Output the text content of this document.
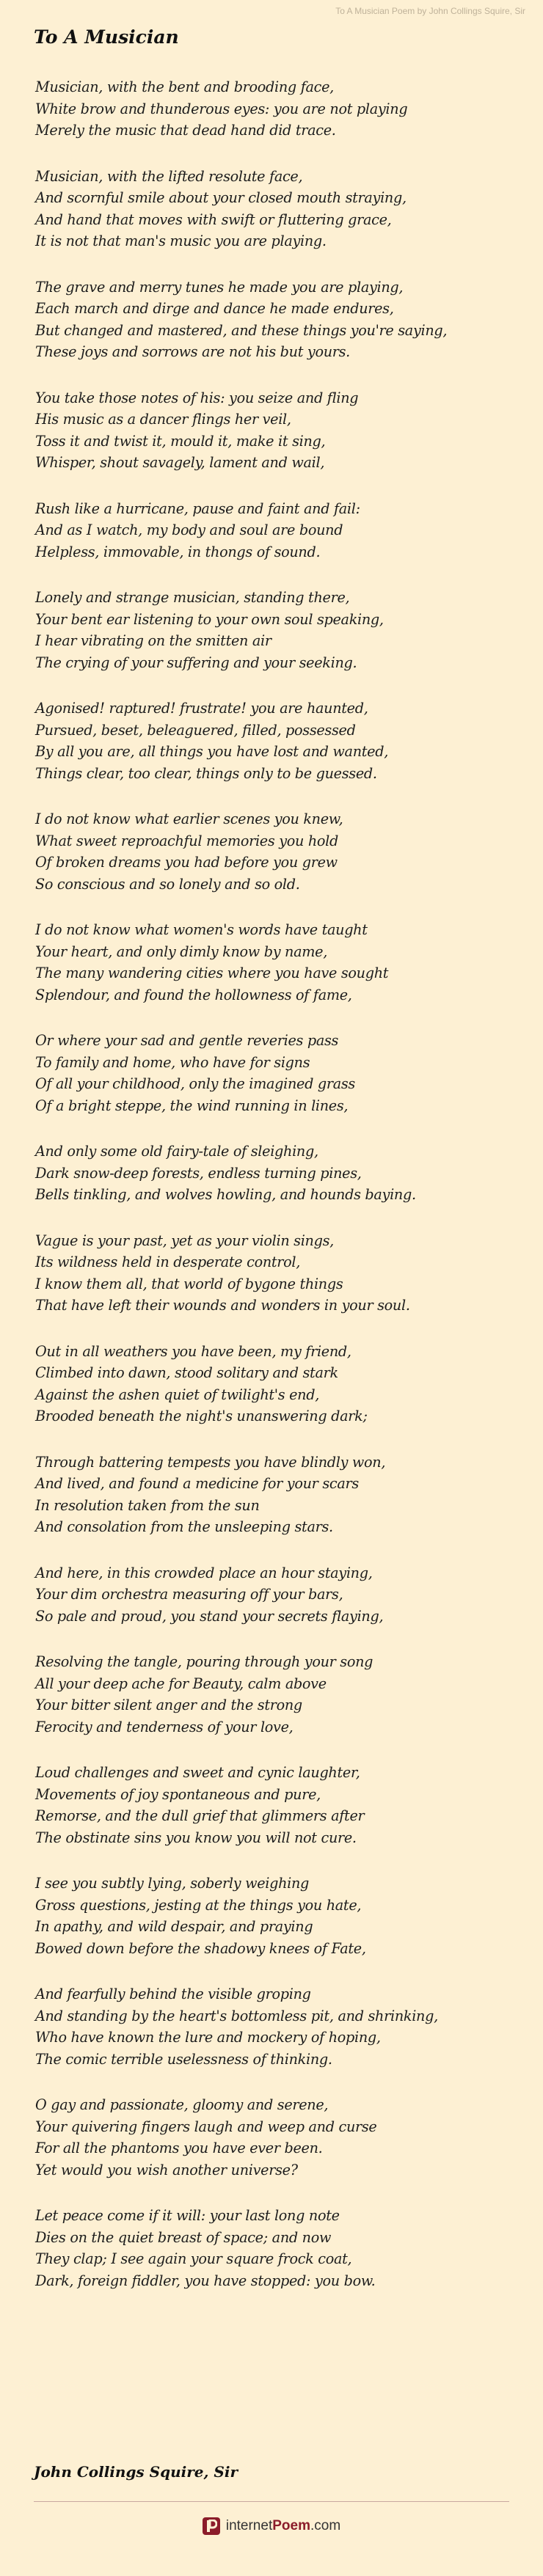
To A Musician Poem by John Collings Squire, Sir
To A Musician
Musician, with the bent and brooding face,
White brow and thunderous eyes: you are not playing
Merely the music that dead hand did trace.
Musician, with the lifted resolute face,
And scornful smile about your closed mouth straying,
And hand that moves with swift or fluttering grace,
It is not that man's music you are playing.
The grave and merry tunes he made you are playing,
Each march and dirge and dance he made endures,
But changed and mastered, and these things you're saying,
These joys and sorrows are not his but yours.
You take those notes of his: you seize and fling
His music as a dancer flings her veil,
Toss it and twist it, mould it, make it sing,
Whisper, shout savagely, lament and wail,
Rush like a hurricane, pause and faint and fail:
And as I watch, my body and soul are bound
Helpless, immovable, in thongs of sound.
Lonely and strange musician, standing there,
Your bent ear listening to your own soul speaking,
I hear vibrating on the smitten air
The crying of your suffering and your seeking.
Agonised! raptured! frustrate! you are haunted,
Pursued, beset, beleaguered, filled, possessed
By all you are, all things you have lost and wanted,
Things clear, too clear, things only to be guessed.
I do not know what earlier scenes you knew,
What sweet reproachful memories you hold
Of broken dreams you had before you grew
So conscious and so lonely and so old.
I do not know what women's words have taught
Your heart, and only dimly know by name,
The many wandering cities where you have sought
Splendour, and found the hollowness of fame,
Or where your sad and gentle reveries pass
To family and home, who have for signs
Of all your childhood, only the imagined grass
Of a bright steppe, the wind running in lines,
And only some old fairy-tale of sleighing,
Dark snow-deep forests, endless turning pines,
Bells tinkling, and wolves howling, and hounds baying.
Vague is your past, yet as your violin sings,
Its wildness held in desperate control,
I know them all, that world of bygone things
That have left their wounds and wonders in your soul.
Out in all weathers you have been, my friend,
Climbed into dawn, stood solitary and stark
Against the ashen quiet of twilight's end,
Brooded beneath the night's unanswering dark;
Through battering tempests you have blindly won,
And lived, and found a medicine for your scars
In resolution taken from the sun
And consolation from the unsleeping stars.
And here, in this crowded place an hour staying,
Your dim orchestra measuring off your bars,
So pale and proud, you stand your secrets flaying,
Resolving the tangle, pouring through your song
All your deep ache for Beauty, calm above
Your bitter silent anger and the strong
Ferocity and tenderness of your love,
Loud challenges and sweet and cynic laughter,
Movements of joy spontaneous and pure,
Remorse, and the dull grief that glimmers after
The obstinate sins you know you will not cure.
I see you subtly lying, soberly weighing
Gross questions, jesting at the things you hate,
In apathy, and wild despair, and praying
Bowed down before the shadowy knees of Fate,
And fearfully behind the visible groping
And standing by the heart's bottomless pit, and shrinking,
Who have known the lure and mockery of hoping,
The comic terrible uselessness of thinking.
O gay and passionate, gloomy and serene,
Your quivering fingers laugh and weep and curse
For all the phantoms you have ever been.
Yet would you wish another universe?
Let peace come if it will: your last long note
Dies on the quiet breast of space; and now
They clap; I see again your square frock coat,
Dark, foreign fiddler, you have stopped: you bow.
John Collings Squire, Sir
internetPoem.com
